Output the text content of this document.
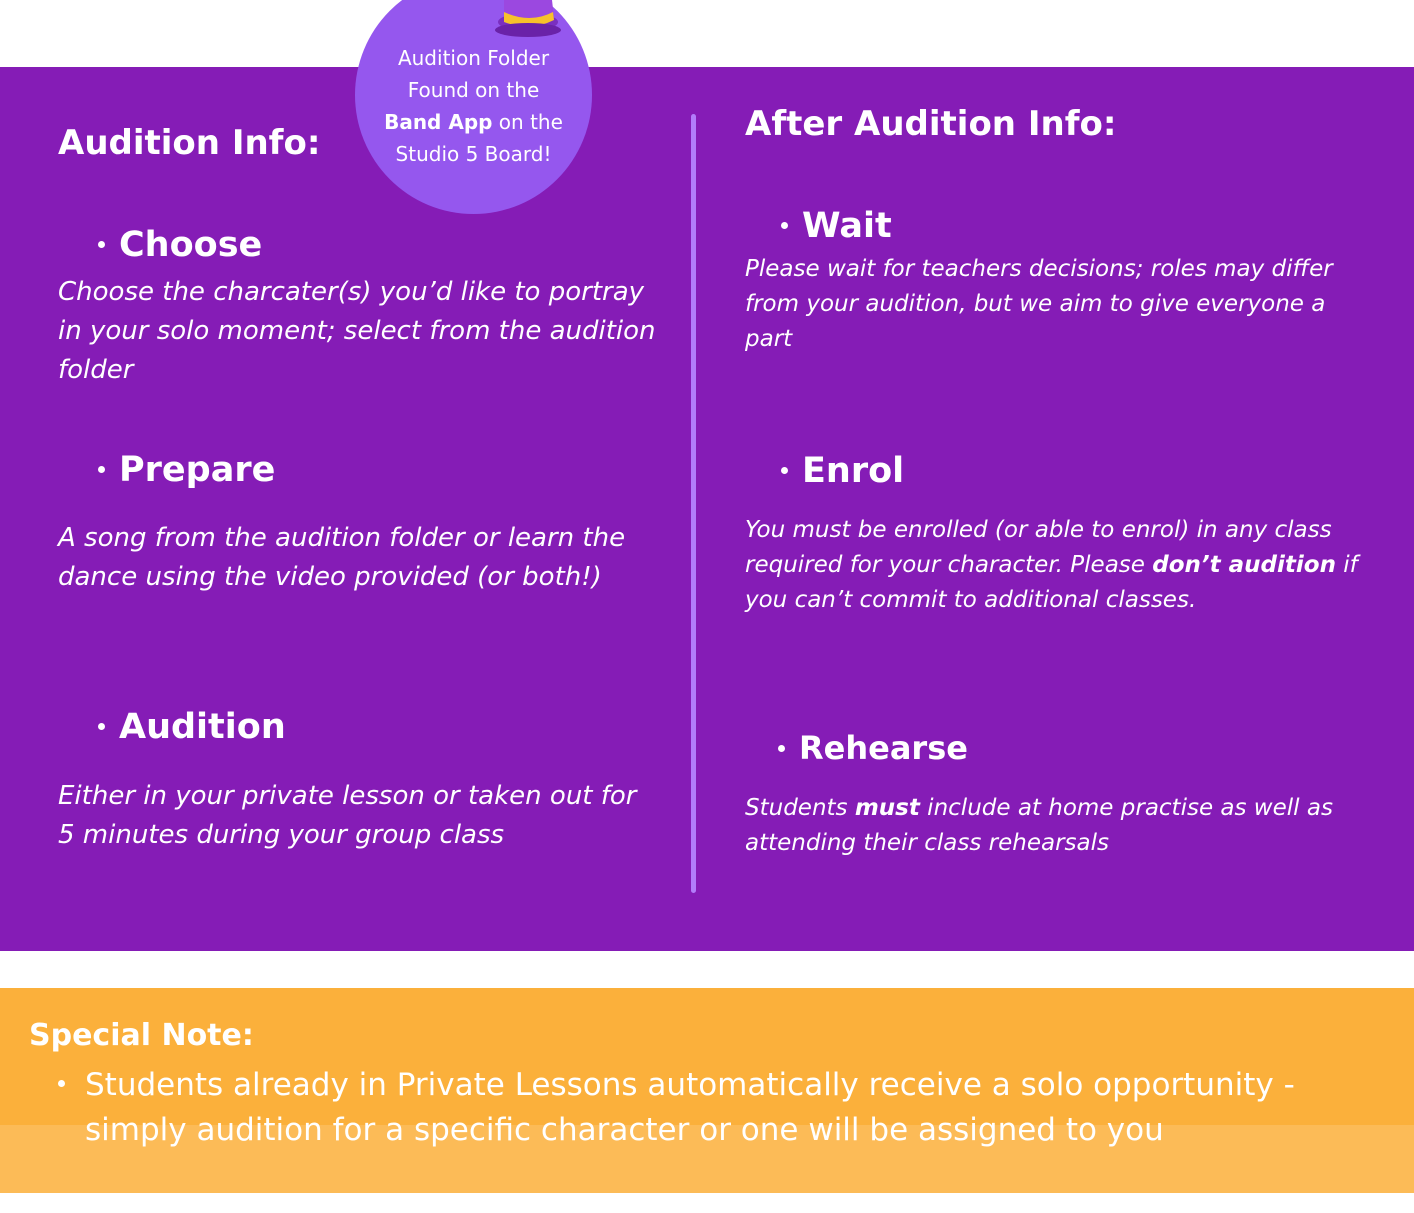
Audition Folder
Found on the
Band App on the
Studio 5 Board!

Audition Info:
Choose

Choose the charcater(s) you’d like to portray in your solo moment; select from the audition folder

Prepare

A song from the audition folder or learn the dance using the video provided (or both!)

Audition

Either in your private lesson or taken out for 5 minutes during your group class

After Audition Info:
Wait

Please wait for teachers decisions; roles may differ from your audition, but we aim to give everyone a part

Enrol

You must be enrolled (or able to enrol) in any class required for your character. Please don’t audition if you can’t commit to additional classes.

Rehearse

Students must include at home practise as well as attending their class rehearsals

Special Note:

Students already in Private Lessons automatically receive a solo opportunity - simply audition for a specific character or one will be assigned to you
